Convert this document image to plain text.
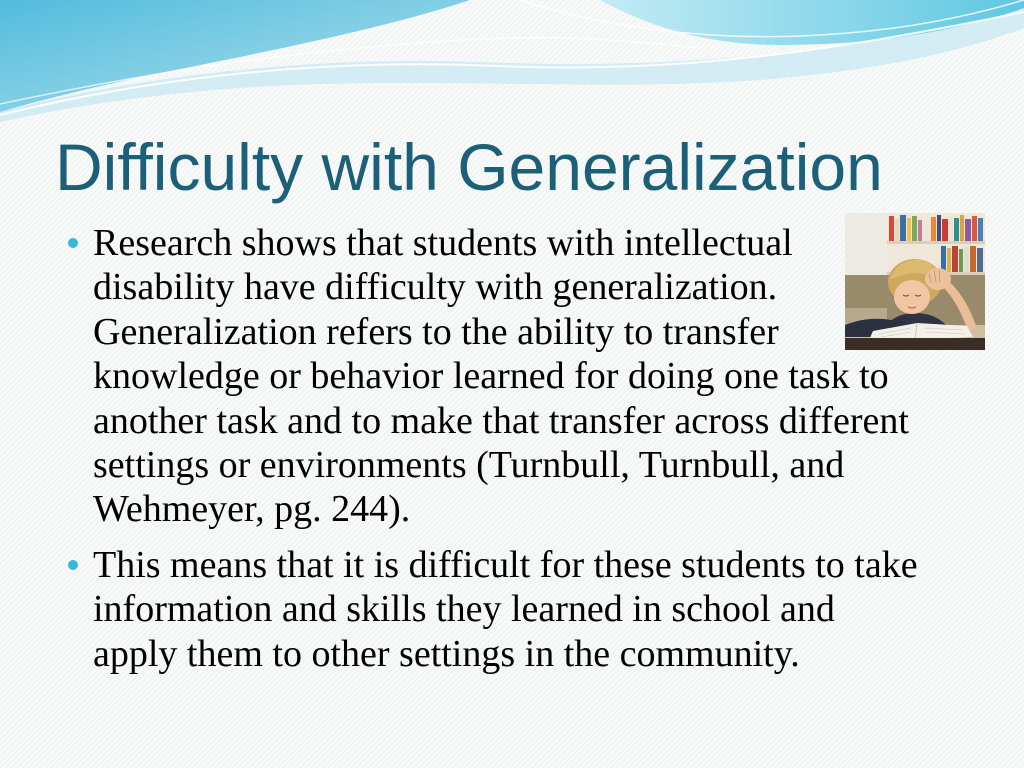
Difficulty with Generalization
Research shows that students with intellectual
disability have difficulty with generalization.
Generalization refers to the ability to transfer
knowledge or behavior learned for doing one task to
another task and to make that transfer across different
settings or environments (Turnbull, Turnbull, and
Wehmeyer, pg. 244).
This means that it is difficult for these students to take
information and skills they learned in school and
apply them to other settings in the community.
